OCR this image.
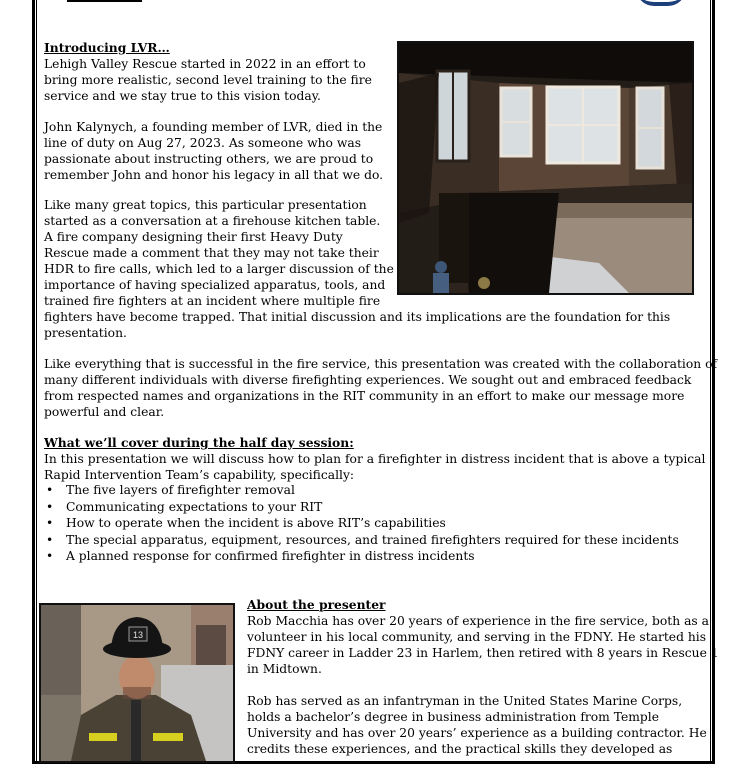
Introducing LVR…

Lehigh Valley Rescue started in 2022 in an effort to

bring more realistic, second level training to the fire

service and we stay true to this vision today.

John Kalynych, a founding member of LVR, died in the

line of duty on Aug 27, 2023. As someone who was

passionate about instructing others, we are proud to

remember John and honor his legacy in all that we do.

Like many great topics, this particular presentation

started as a conversation at a firehouse kitchen table.

A fire company designing their first Heavy Duty

Rescue made a comment that they may not take their

HDR to fire calls, which led to a larger discussion of the

importance of having specialized apparatus, tools, and

trained fire fighters at an incident where multiple fire

fighters have become trapped. That initial discussion and its implications are the foundation for this

presentation.

Like everything that is successful in the fire service, this presentation was created with the collaboration of

many different individuals with diverse firefighting experiences. We sought out and embraced feedback

from respected names and organizations in the RIT community in an effort to make our message more

powerful and clear.

What we’ll cover during the half day session:

In this presentation we will discuss how to plan for a firefighter in distress incident that is above a typical

Rapid Intervention Team’s capability, specifically:

• The five layers of firefighter removal
• Communicating expectations to your RIT
• How to operate when the incident is above RIT’s capabilities
• The special apparatus, equipment, resources, and trained firefighters required for these incidents
• A planned response for confirmed firefighter in distress incidents

About the presenter

Rob Macchia has over 20 years of experience in the fire service, both as a

volunteer in his local community, and serving in the FDNY. He started his

FDNY career in Ladder 23 in Harlem, then retired with 8 years in Rescue 1

in Midtown.

Rob has served as an infantryman in the United States Marine Corps,

holds a bachelor’s degree in business administration from Temple

University and has over 20 years’ experience as a building contractor. He

credits these experiences, and the practical skills they developed as

13
